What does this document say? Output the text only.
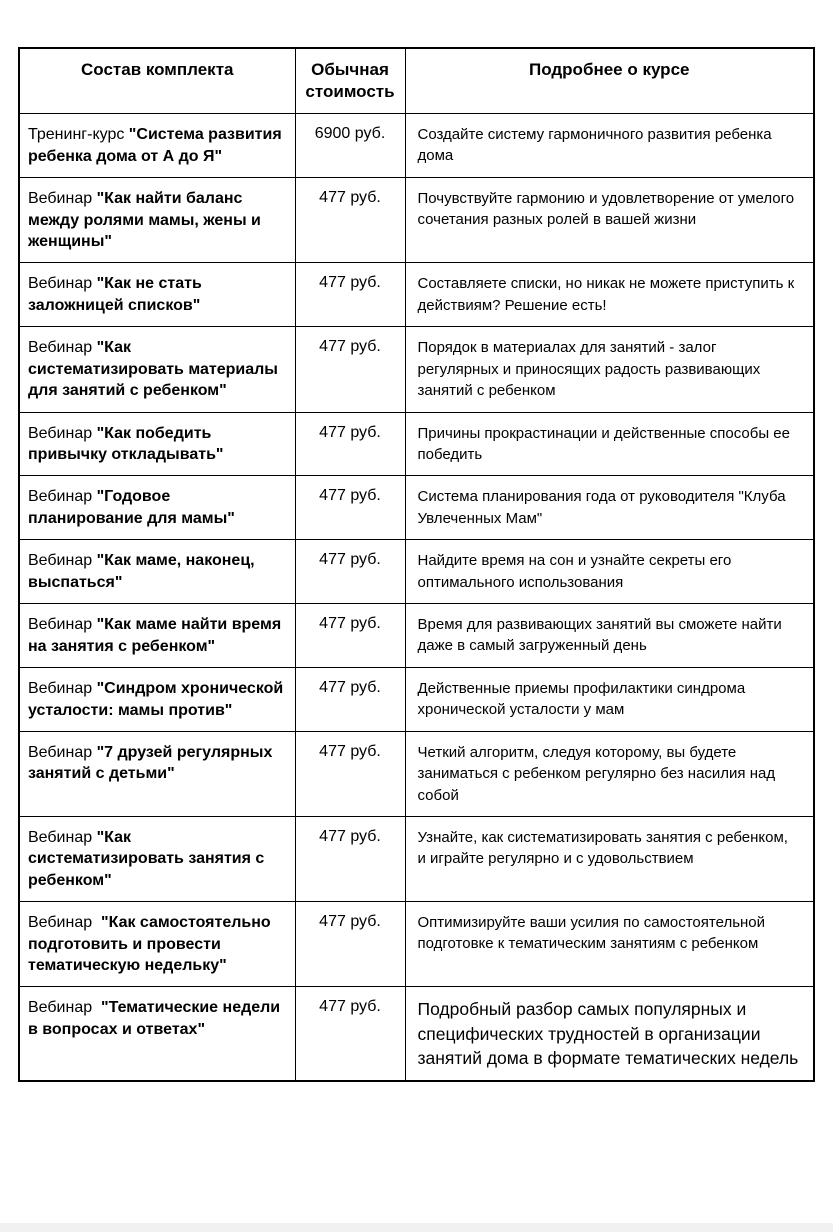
Состав комплекта	Обычная стоимость	Подробнее о курсе
Тренинг-курс "Система развития ребенка дома от А до Я"	6900 руб.	Создайте систему гармоничного развития ребенка дома
Вебинар "Как найти баланс между ролями мамы, жены и женщины"	477 руб.	Почувствуйте гармонию и удовлетворение от умелого сочетания разных ролей в вашей жизни
Вебинар "Как не стать заложницей списков"	477 руб.	Составляете списки, но никак не можете приступить к действиям? Решение есть!
Вебинар "Как систематизировать материалы для занятий с ребенком"	477 руб.	Порядок в материалах для занятий - залог регулярных и приносящих радость развивающих занятий с ребенком
Вебинар "Как победить привычку откладывать"	477 руб.	Причины прокрастинации и действенные способы ее победить
Вебинар "Годовое планирование для мамы"	477 руб.	Система планирования года от руководителя "Клуба Увлеченных Мам"
Вебинар "Как маме, наконец, выспаться"	477 руб.	Найдите время на сон и узнайте секреты его оптимального использования
Вебинар "Как маме найти время на занятия с ребенком"	477 руб.	Время для развивающих занятий вы сможете найти даже в самый загруженный день
Вебинар "Синдром хронической усталости: мамы против"	477 руб.	Действенные приемы профилактики синдрома хронической усталости у мам
Вебинар "7 друзей регулярных занятий с детьми"	477 руб.	Четкий алгоритм, следуя которому, вы будете заниматься с ребенком регулярно без насилия над собой
Вебинар "Как систематизировать занятия с ребенком"	477 руб.	Узнайте, как систематизировать занятия с ребенком, и играйте регулярно и с удовольствием
Вебинар  "Как самостоятельно подготовить и провести тематическую недельку"	477 руб.	Оптимизируйте ваши усилия по самостоятельной подготовке к тематическим занятиям с ребенком
Вебинар  "Тематические недели в вопросах и ответах"	477 руб.	Подробный разбор самых популярных и специфических трудностей в организации занятий дома в формате тематических недель
